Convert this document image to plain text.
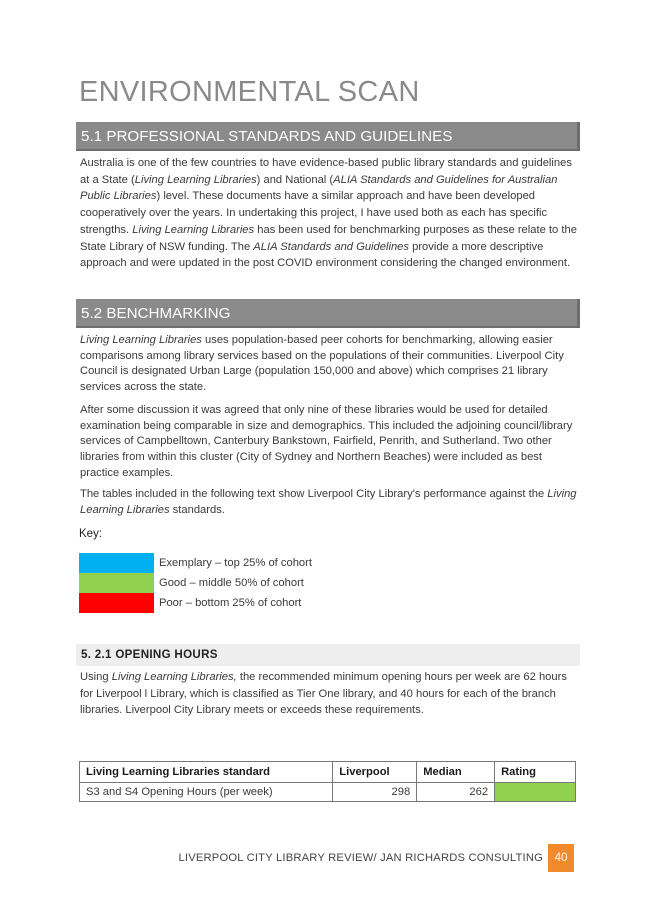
ENVIRONMENTAL SCAN
5.1 PROFESSIONAL STANDARDS AND GUIDELINES

Australia is one of the few countries to have evidence-based public library standards and guidelines at a State (Living Learning Libraries) and National (ALIA Standards and Guidelines for Australian Public Libraries) level. These documents have a similar approach and have been developed cooperatively over the years. In undertaking this project, I have used both as each has specific strengths. Living Learning Libraries has been used for benchmarking purposes as these relate to the State Library of NSW funding. The ALIA Standards and Guidelines provide a more descriptive approach and were updated in the post COVID environment considering the changed environment.

5.2 BENCHMARKING

Living Learning Libraries uses population-based peer cohorts for benchmarking, allowing easier comparisons among library services based on the populations of their communities. Liverpool City Council is designated Urban Large (population 150,000 and above) which comprises 21 library services across the state.

After some discussion it was agreed that only nine of these libraries would be used for detailed examination being comparable in size and demographics. This included the adjoining council/library services of Campbelltown, Canterbury Bankstown, Fairfield, Penrith, and Sutherland. Two other libraries from within this cluster (City of Sydney and Northern Beaches) were included as best practice examples.

The tables included in the following text show Liverpool City Library's performance against the Living Learning Libraries standards.

Key:
Exemplary – top 25% of cohort
Good – middle 50% of cohort
Poor – bottom 25% of cohort
5. 2.1 OPENING HOURS

Using Living Learning Libraries, the recommended minimum opening hours per week are 62 hours for Liverpool l Library, which is classified as Tier One library, and 40 hours for each of the branch libraries. Liverpool City Library meets or exceeds these requirements.

Living Learning Libraries standard	Liverpool	Median	Rating
S3 and S4 Opening Hours (per week)	298	262	
LIVERPOOL CITY LIBRARY REVIEW/ JAN RICHARDS CONSULTING	40
